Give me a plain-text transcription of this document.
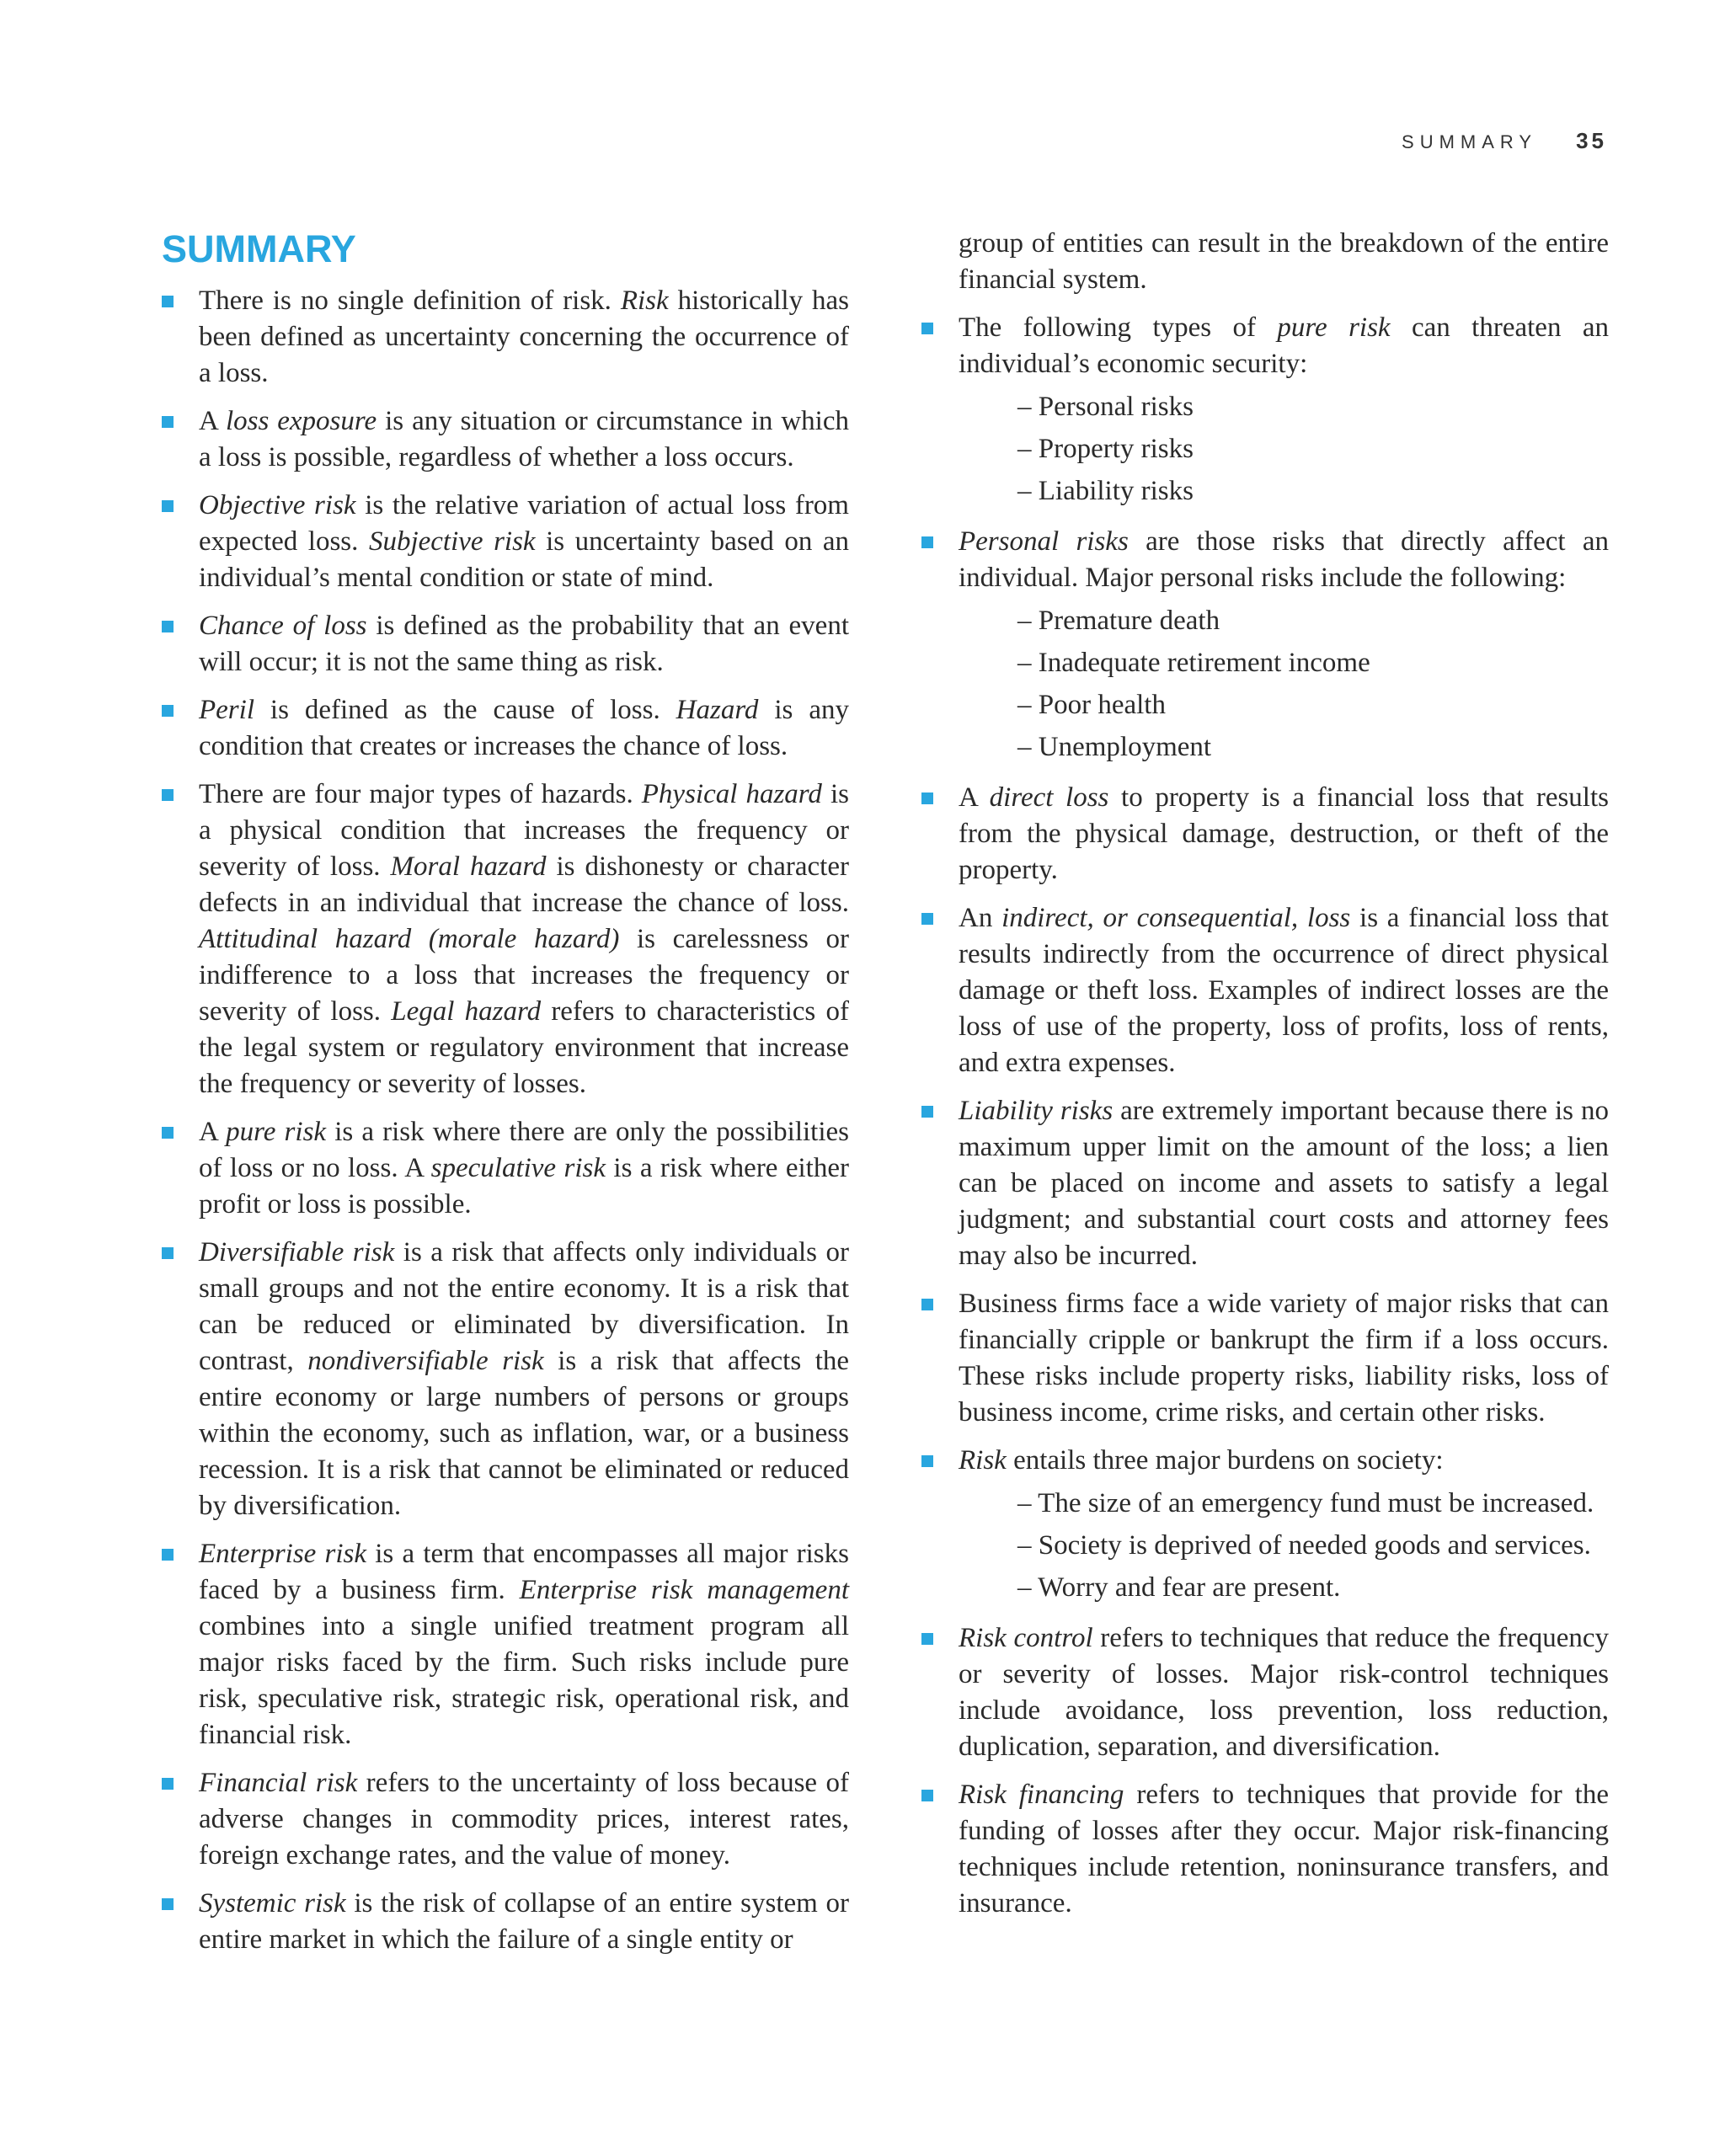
SUMMARY 35
SUMMARY
There is no single definition of risk. Risk historically has been defined as uncertainty concerning the occurrence of a loss.
A loss exposure is any situation or circumstance in which a loss is possible, regardless of whether a loss occurs.
Objective risk is the relative variation of actual loss from expected loss. Subjective risk is uncertainty based on an individual’s mental condition or state of mind.
Chance of loss is defined as the probability that an event will occur; it is not the same thing as risk.
Peril is defined as the cause of loss. Hazard is any condition that creates or increases the chance of loss.
There are four major types of hazards. Physical hazard is a physical condition that increases the frequency or severity of loss. Moral hazard is dishonesty or character defects in an individual that increase the chance of loss. Attitudinal hazard (morale hazard) is carelessness or indifference to a loss that increases the frequency or severity of loss. Legal hazard refers to characteristics of the legal system or regulatory environment that increase the frequency or severity of losses.
A pure risk is a risk where there are only the possibilities of loss or no loss. A speculative risk is a risk where either profit or loss is possible.
Diversifiable risk is a risk that affects only individuals or small groups and not the entire economy. It is a risk that can be reduced or eliminated by diversification. In contrast, nondiversifiable risk is a risk that affects the entire economy or large numbers of persons or groups within the economy, such as inflation, war, or a business recession. It is a risk that cannot be eliminated or reduced by diversification.
Enterprise risk is a term that encompasses all major risks faced by a business firm. Enterprise risk management combines into a single unified treatment program all major risks faced by the firm. Such risks include pure risk, speculative risk, strategic risk, operational risk, and financial risk.
Financial risk refers to the uncertainty of loss because of adverse changes in commodity prices, interest rates, foreign exchange rates, and the value of money.
Systemic risk is the risk of collapse of an entire system or entire market in which the failure of a single entity or
group of entities can result in the breakdown of the entire financial system.
The following types of pure risk can threaten an individual’s economic security:
– Personal risks
– Property risks
– Liability risks
Personal risks are those risks that directly affect an individual. Major personal risks include the following:
– Premature death
– Inadequate retirement income
– Poor health
– Unemployment
A direct loss to property is a financial loss that results from the physical damage, destruction, or theft of the property.
An indirect, or consequential, loss is a financial loss that results indirectly from the occurrence of direct physical damage or theft loss. Examples of indirect losses are the loss of use of the property, loss of profits, loss of rents, and extra expenses.
Liability risks are extremely important because there is no maximum upper limit on the amount of the loss; a lien can be placed on income and assets to satisfy a legal judgment; and substantial court costs and attorney fees may also be incurred.
Business firms face a wide variety of major risks that can financially cripple or bankrupt the firm if a loss occurs. These risks include property risks, liability risks, loss of business income, crime risks, and certain other risks.
Risk entails three major burdens on society:
– The size of an emergency fund must be increased.
– Society is deprived of needed goods and services.
– Worry and fear are present.
Risk control refers to techniques that reduce the frequency or severity of losses. Major risk-control techniques include avoidance, loss prevention, loss reduction, duplication, separation, and diversification.
Risk financing refers to techniques that provide for the funding of losses after they occur. Major risk-financing techniques include retention, noninsurance transfers, and insurance.
